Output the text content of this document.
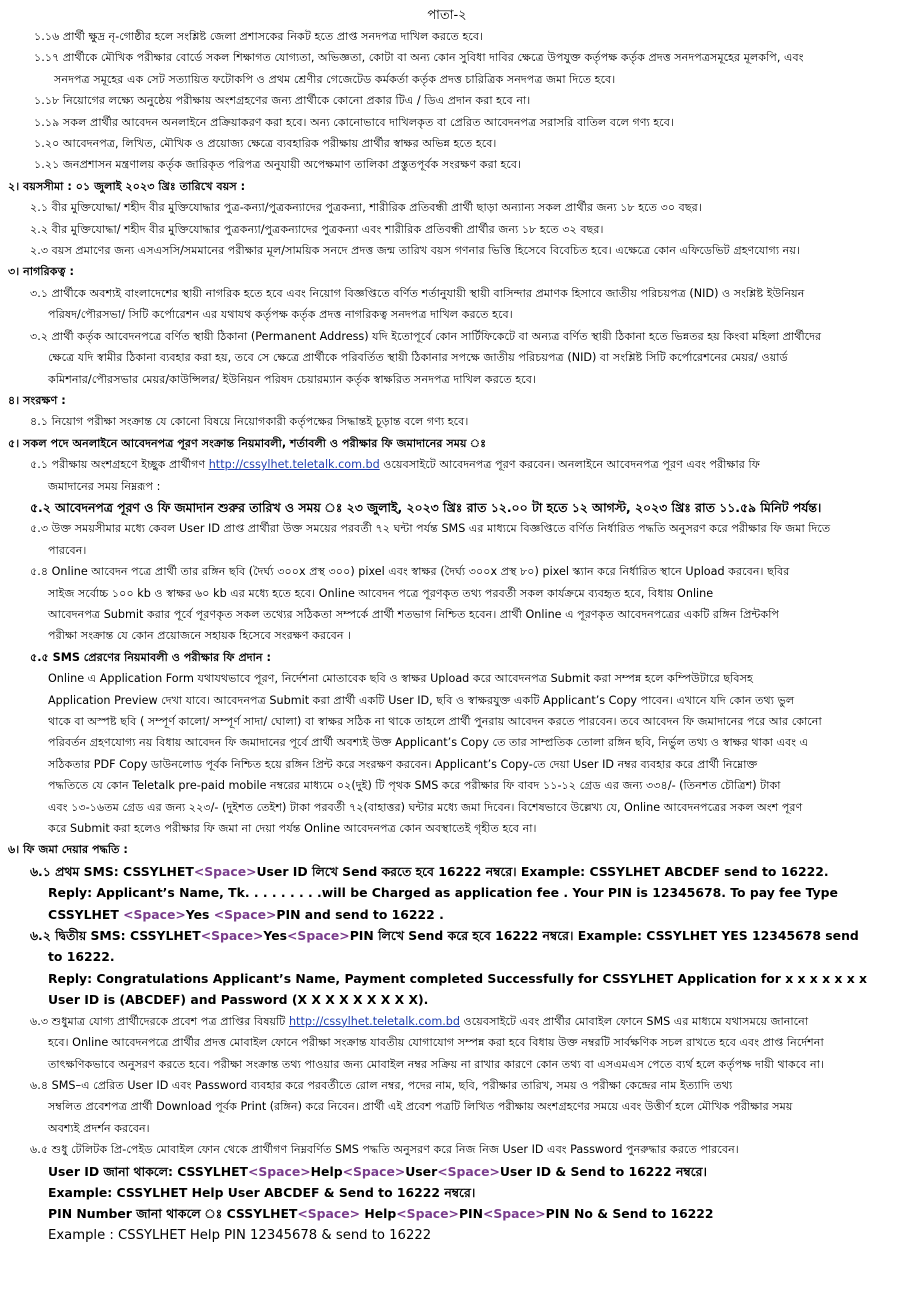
পাতা-২
১.১৬ প্রার্থী ক্ষুদ্র নৃ-গোষ্ঠীর হলে সংশ্লিষ্ট জেলা প্রশাসকের নিকট হতে প্রাপ্ত সনদপত্র দাখিল করতে হবে।
১.১৭ প্রার্থীকে মৌখিক পরীক্ষার বোর্ডে সকল শিক্ষাগত যোগ্যতা, অভিজ্ঞতা, কোটা বা অন্য কোন সুবিধা দাবির ক্ষেত্রে উপযুক্ত কর্তৃপক্ষ কর্তৃক প্রদত্ত সনদপত্রসমূহের মূলকপি, এবং
সনদপত্র সমূহের এক সেট সত্যায়িত ফটোকপি ও প্রথম শ্রেণীর গেজেটেড কর্মকর্তা কর্তৃক প্রদত্ত চারিত্রিক সনদপত্র জমা দিতে হবে।
১.১৮ নিয়োগের লক্ষ্যে অনুষ্ঠেয় পরীক্ষায় অংশগ্রহণের জন্য প্রার্থীকে কোনো প্রকার টিএ / ডিএ প্রদান করা হবে না।
১.১৯ সকল প্রার্থীর আবেদন অনলাইনে প্রক্রিয়াকরণ করা হবে। অন্য কোনোভাবে দাখিলকৃত বা প্রেরিত আবেদনপত্র সরাসরি বাতিল বলে গণ্য হবে।
১.২০ আবেদনপত্র, লিখিত, মৌখিক ও প্রয়োজ্য ক্ষেত্রে ব্যবহারিক পরীক্ষায় প্রার্থীর স্বাক্ষর অভিন্ন হতে হবে।
১.২১ জনপ্রশাসন মন্ত্রণালয় কর্তৃক জারিকৃত পরিপত্র অনুযায়ী অপেক্ষমাণ তালিকা প্রস্তুতপূর্বক সংরক্ষণ করা হবে।
২। বয়সসীমা : ০১ জুলাই ২০২৩ খ্রিঃ তারিখে বয়স :
২.১ বীর মুক্তিযোদ্ধা/ শহীদ বীর মুক্তিযোদ্ধার পুত্র-কন্যা/পুত্রকন্যাদের পুত্রকন্যা, শারীরিক প্রতিবন্ধী প্রার্থী ছাড়া অন্যান্য সকল প্রার্থীর জন্য ১৮ হতে ৩০ বছর।
২.২ বীর মুক্তিযোদ্ধা/ শহীদ বীর মুক্তিযোদ্ধার পুত্রকন্যা/পুত্রকন্যাদের পুত্রকন্যা এবং শারীরিক প্রতিবন্ধী প্রার্থীর জন্য ১৮ হতে ৩২ বছর।
২.৩ বয়স প্রমাণের জন্য এসএসসি/সমমানের পরীক্ষার মূল/সাময়িক সনদে প্রদত্ত জন্ম তারিখ বয়স গণনার ভিত্তি হিসেবে বিবেচিত হবে। এক্ষেত্রে কোন এফিডেভিট গ্রহণযোগ্য নয়।
৩। নাগরিকত্ব :
৩.১ প্রার্থীকে অবশ্যই বাংলাদেশের স্থায়ী নাগরিক হতে হবে এবং নিয়োগ বিজ্ঞপ্তিতে বর্ণিত শর্তানুযায়ী স্থায়ী বাসিন্দার প্রমাণক হিসাবে জাতীয় পরিচয়পত্র (NID) ও সংশ্লিষ্ট ইউনিয়ন
পরিষদ/পৌরসভা/ সিটি কর্পোরেশন এর যথাযথ কর্তৃপক্ষ কর্তৃক প্রদত্ত নাগরিকত্ব সনদপত্র দাখিল করতে হবে।
৩.২ প্রার্থী কর্তৃক আবেদনপত্রে বর্ণিত স্থায়ী ঠিকানা (Permanent Address) যদি ইতোপূর্বে কোন সার্টিফিকেটে বা অন্যত্র বর্ণিত স্থায়ী ঠিকানা হতে ভিন্নতর হয় কিংবা মহিলা প্রার্থীদের
ক্ষেত্রে যদি স্বামীর ঠিকানা ব্যবহার করা হয়, তবে সে ক্ষেত্রে প্রার্থীকে পরিবর্তিত স্থায়ী ঠিকানার সপক্ষে জাতীয় পরিচয়পত্র (NID) বা সংশ্লিষ্ট সিটি কর্পোরেশনের মেয়র/ ওয়ার্ড
কমিশনার/পৌরসভার মেয়র/কাউন্সিলর/ ইউনিয়ন পরিষদ চেয়ারম্যান কর্তৃক স্বাক্ষরিত সনদপত্র দাখিল করতে হবে।
৪। সংরক্ষণ :
৪.১ নিয়োগ পরীক্ষা সংক্রান্ত যে কোনো বিষয়ে নিয়োগকারী কর্তৃপক্ষের সিদ্ধান্তই চূড়ান্ত বলে গণ্য হবে।
৫। সকল পদে অনলাইনে আবেদনপত্র পূরণ সংক্রান্ত নিয়মাবলী, শর্তাবলী ও পরীক্ষার ফি জমাদানের সময় ঃ
৫.১ পরীক্ষায় অংশগ্রহণে ইচ্ছুক প্রার্থীগণ http://cssylhet.teletalk.com.bd ওয়েবসাইটে আবেদনপত্র পূরণ করবেন। অনলাইনে আবেদনপত্র পূরণ এবং পরীক্ষার ফি
জমাদানের সময় নিম্নরূপ :
৫.২ আবেদনপত্র পূরণ ও ফি জমাদান শুরুর তারিখ ও সময় ঃ ২৩ জুলাই, ২০২৩ খ্রিঃ রাত ১২.০০ টা হতে ১২ আগস্ট, ২০২৩ খ্রিঃ রাত ১১.৫৯ মিনিট পর্যন্ত।
৫.৩ উক্ত সময়সীমার মধ্যে কেবল User ID প্রাপ্ত প্রার্থীরা উক্ত সময়ের পরবর্তী ৭২ ঘন্টা পর্যন্ত SMS এর মাধ্যমে বিজ্ঞপ্তিতে বর্ণিত নির্ধারিত পদ্ধতি অনুসরণ করে পরীক্ষার ফি জমা দিতে
পারবেন।
৫.৪ Online আবেদন পত্রে প্রার্থী তার রঙ্গিন ছবি (দৈর্ঘ্য ৩০০x প্রস্থ ৩০০) pixel এবং স্বাক্ষর (দৈর্ঘ্য ৩০০x প্রস্থ ৮০) pixel স্ক্যান করে নির্ধারিত স্থানে Upload করবেন। ছবির
সাইজ সর্বোচ্চ ১০০ kb ও স্বাক্ষর ৬০ kb এর মধ্যে হতে হবে। Online আবেদন পত্রে পূরণকৃত তথ্য পরবর্তী সকল কার্যক্রমে ব্যবহৃত হবে, বিধায় Online
আবেদনপত্র Submit করার পূর্বে পূরণকৃত সকল তথ্যের সঠিকতা সম্পর্কে প্রার্থী শতভাগ নিশ্চিত হবেন। প্রার্থী Online এ পূরণকৃত আবেদনপত্রের একটি রঙ্গিন প্রিন্টকপি
পরীক্ষা সংক্রান্ত যে কোন প্রয়োজনে সহায়ক হিসেবে সংরক্ষণ করবেন ।
৫.৫ SMS প্রেরণের নিয়মাবলী ও পরীক্ষার ফি প্রদান :
Online এ Application Form যথাযথভাবে পূরণ, নির্দেশনা মোতাবেক ছবি ও স্বাক্ষর Upload করে আবেদনপত্র Submit করা সম্পন্ন হলে কম্পিউটারে ছবিসহ
Application Preview দেখা যাবে। আবেদনপত্র Submit করা প্রার্থী একটি User ID, ছবি ও স্বাক্ষরযুক্ত একটি Applicant’s Copy পাবেন। এখানে যদি কোন তথ্য ভুল
থাকে বা অস্পষ্ট ছবি ( সম্পূর্ণ কালো/ সম্পূর্ণ সাদা/ ঘোলা) বা স্বাক্ষর সঠিক না থাকে তাহলে প্রার্থী পুনরায় আবেদন করতে পারবেন। তবে আবেদন ফি জমাদানের পরে আর কোনো
পরিবর্তন গ্রহণযোগ্য নয় বিধায় আবেদন ফি জমাদানের পূর্বে প্রার্থী অবশ্যই উক্ত Applicant’s Copy তে তার সাম্প্রতিক তোলা রঙ্গিন ছবি, নির্ভুল তথ্য ও স্বাক্ষর থাকা এবং এ
সঠিকতার PDF Copy ডাউনলোড পূর্বক নিশ্চিত হয়ে রঙ্গিন প্রিন্ট করে সংরক্ষণ করবেন। Applicant’s Copy-তে দেয়া User ID নম্বর ব্যবহার করে প্রার্থী নিম্নোক্ত
পদ্ধতিতে যে কোন Teletalk pre-paid mobile নম্বরের মাধ্যমে ০২(দুই) টি পৃথক SMS করে পরীক্ষার ফি বাবদ ১১-১২ গ্রেড এর জন্য ৩৩৪/- (তিনশত চৌত্রিশ) টাকা
এবং ১৩-১৬তম গ্রেড এর জন্য ২২৩/- (দুইশত তেইশ) টাকা পরবর্তী ৭২(বাহাত্তর) ঘন্টার মধ্যে জমা দিবেন। বিশেষভাবে উল্লেখ্য যে, Online আবেদনপত্রের সকল অংশ পূরণ
করে Submit করা হলেও পরীক্ষার ফি জমা না দেয়া পর্যন্ত Online আবেদনপত্র কোন অবস্থাতেই গৃহীত হবে না।
৬। ফি জমা দেয়ার পদ্ধতি :
৬.১ প্রথম SMS: CSSYLHET<Space>User ID লিখে Send করতে হবে 16222 নম্বরে। Example: CSSYLHET ABCDEF send to 16222.
Reply: Applicant’s Name, Tk. . . . . . . . .will be Charged as application fee . Your PIN is 12345678. To pay fee Type
CSSYLHET <Space>Yes <Space>PIN and send to 16222 .
৬.২ দ্বিতীয় SMS: CSSYLHET<Space>Yes<Space>PIN লিখে Send করে হবে 16222 নম্বরে। Example: CSSYLHET YES 12345678 send
to 16222.
Reply: Congratulations Applicant’s Name, Payment completed Successfully for CSSYLHET Application for x x x x x x x
User ID is (ABCDEF) and Password (X X X X X X X X X).
৬.৩ শুধুমাত্র যোগ্য প্রার্থীদেরকে প্রবেশ পত্র প্রাপ্তির বিষয়টি http://cssylhet.teletalk.com.bd ওয়েবসাইটে এবং প্রার্থীর মোবাইল ফোনে SMS এর মাধ্যমে যথাসময়ে জানানো
হবে। Online আবেদনপত্রে প্রার্থীর প্রদত্ত মোবাইল ফোনে পরীক্ষা সংক্রান্ত যাবতীয় যোগাযোগ সম্পন্ন করা হবে বিধায় উক্ত নম্বরটি সার্বক্ষণিক সচল রাখতে হবে এবং প্রাপ্ত নির্দেশনা
তাৎক্ষণিকভাবে অনুসরণ করতে হবে। পরীক্ষা সংক্রান্ত তথ্য পাওয়ার জন্য মোবাইল নম্বর সক্রিয় না রাখার কারণে কোন তথ্য বা এসএমএস পেতে ব্যর্থ হলে কর্তৃপক্ষ দায়ী থাকবে না।
৬.৪ SMS–এ প্রেরিত User ID এবং Password ব্যবহার করে পরবর্তীতে রোল নম্বর, পদের নাম, ছবি, পরীক্ষার তারিখ, সময় ও পরীক্ষা কেন্দ্রের নাম ইত্যাদি তথ্য
সম্বলিত প্রবেশপত্র প্রার্থী Download পূর্বক Print (রঙ্গিন) করে নিবেন। প্রার্থী এই প্রবেশ পত্রটি লিখিত পরীক্ষায় অংশগ্রহণের সময়ে এবং উত্তীর্ণ হলে মৌখিক পরীক্ষার সময়
অবশ্যই প্রদর্শন করবেন।
৬.৫ শুধু টেলিটক প্রি-পেইড মোবাইল ফোন থেকে প্রার্থীগণ নিম্নবর্ণিত SMS পদ্ধতি অনুসরণ করে নিজ নিজ User ID এবং Password পুনরুদ্ধার করতে পারবেন।
User ID জানা থাকলে: CSSYLHET<Space>Help<Space>User<Space>User ID & Send to 16222 নম্বরে।
Example: CSSYLHET Help User ABCDEF & Send to 16222 নম্বরে।
PIN Number জানা থাকলে ঃ CSSYLHET<Space> Help<Space>PIN<Space>PIN No & Send to 16222
Example : CSSYLHET Help PIN 12345678 & send to 16222
